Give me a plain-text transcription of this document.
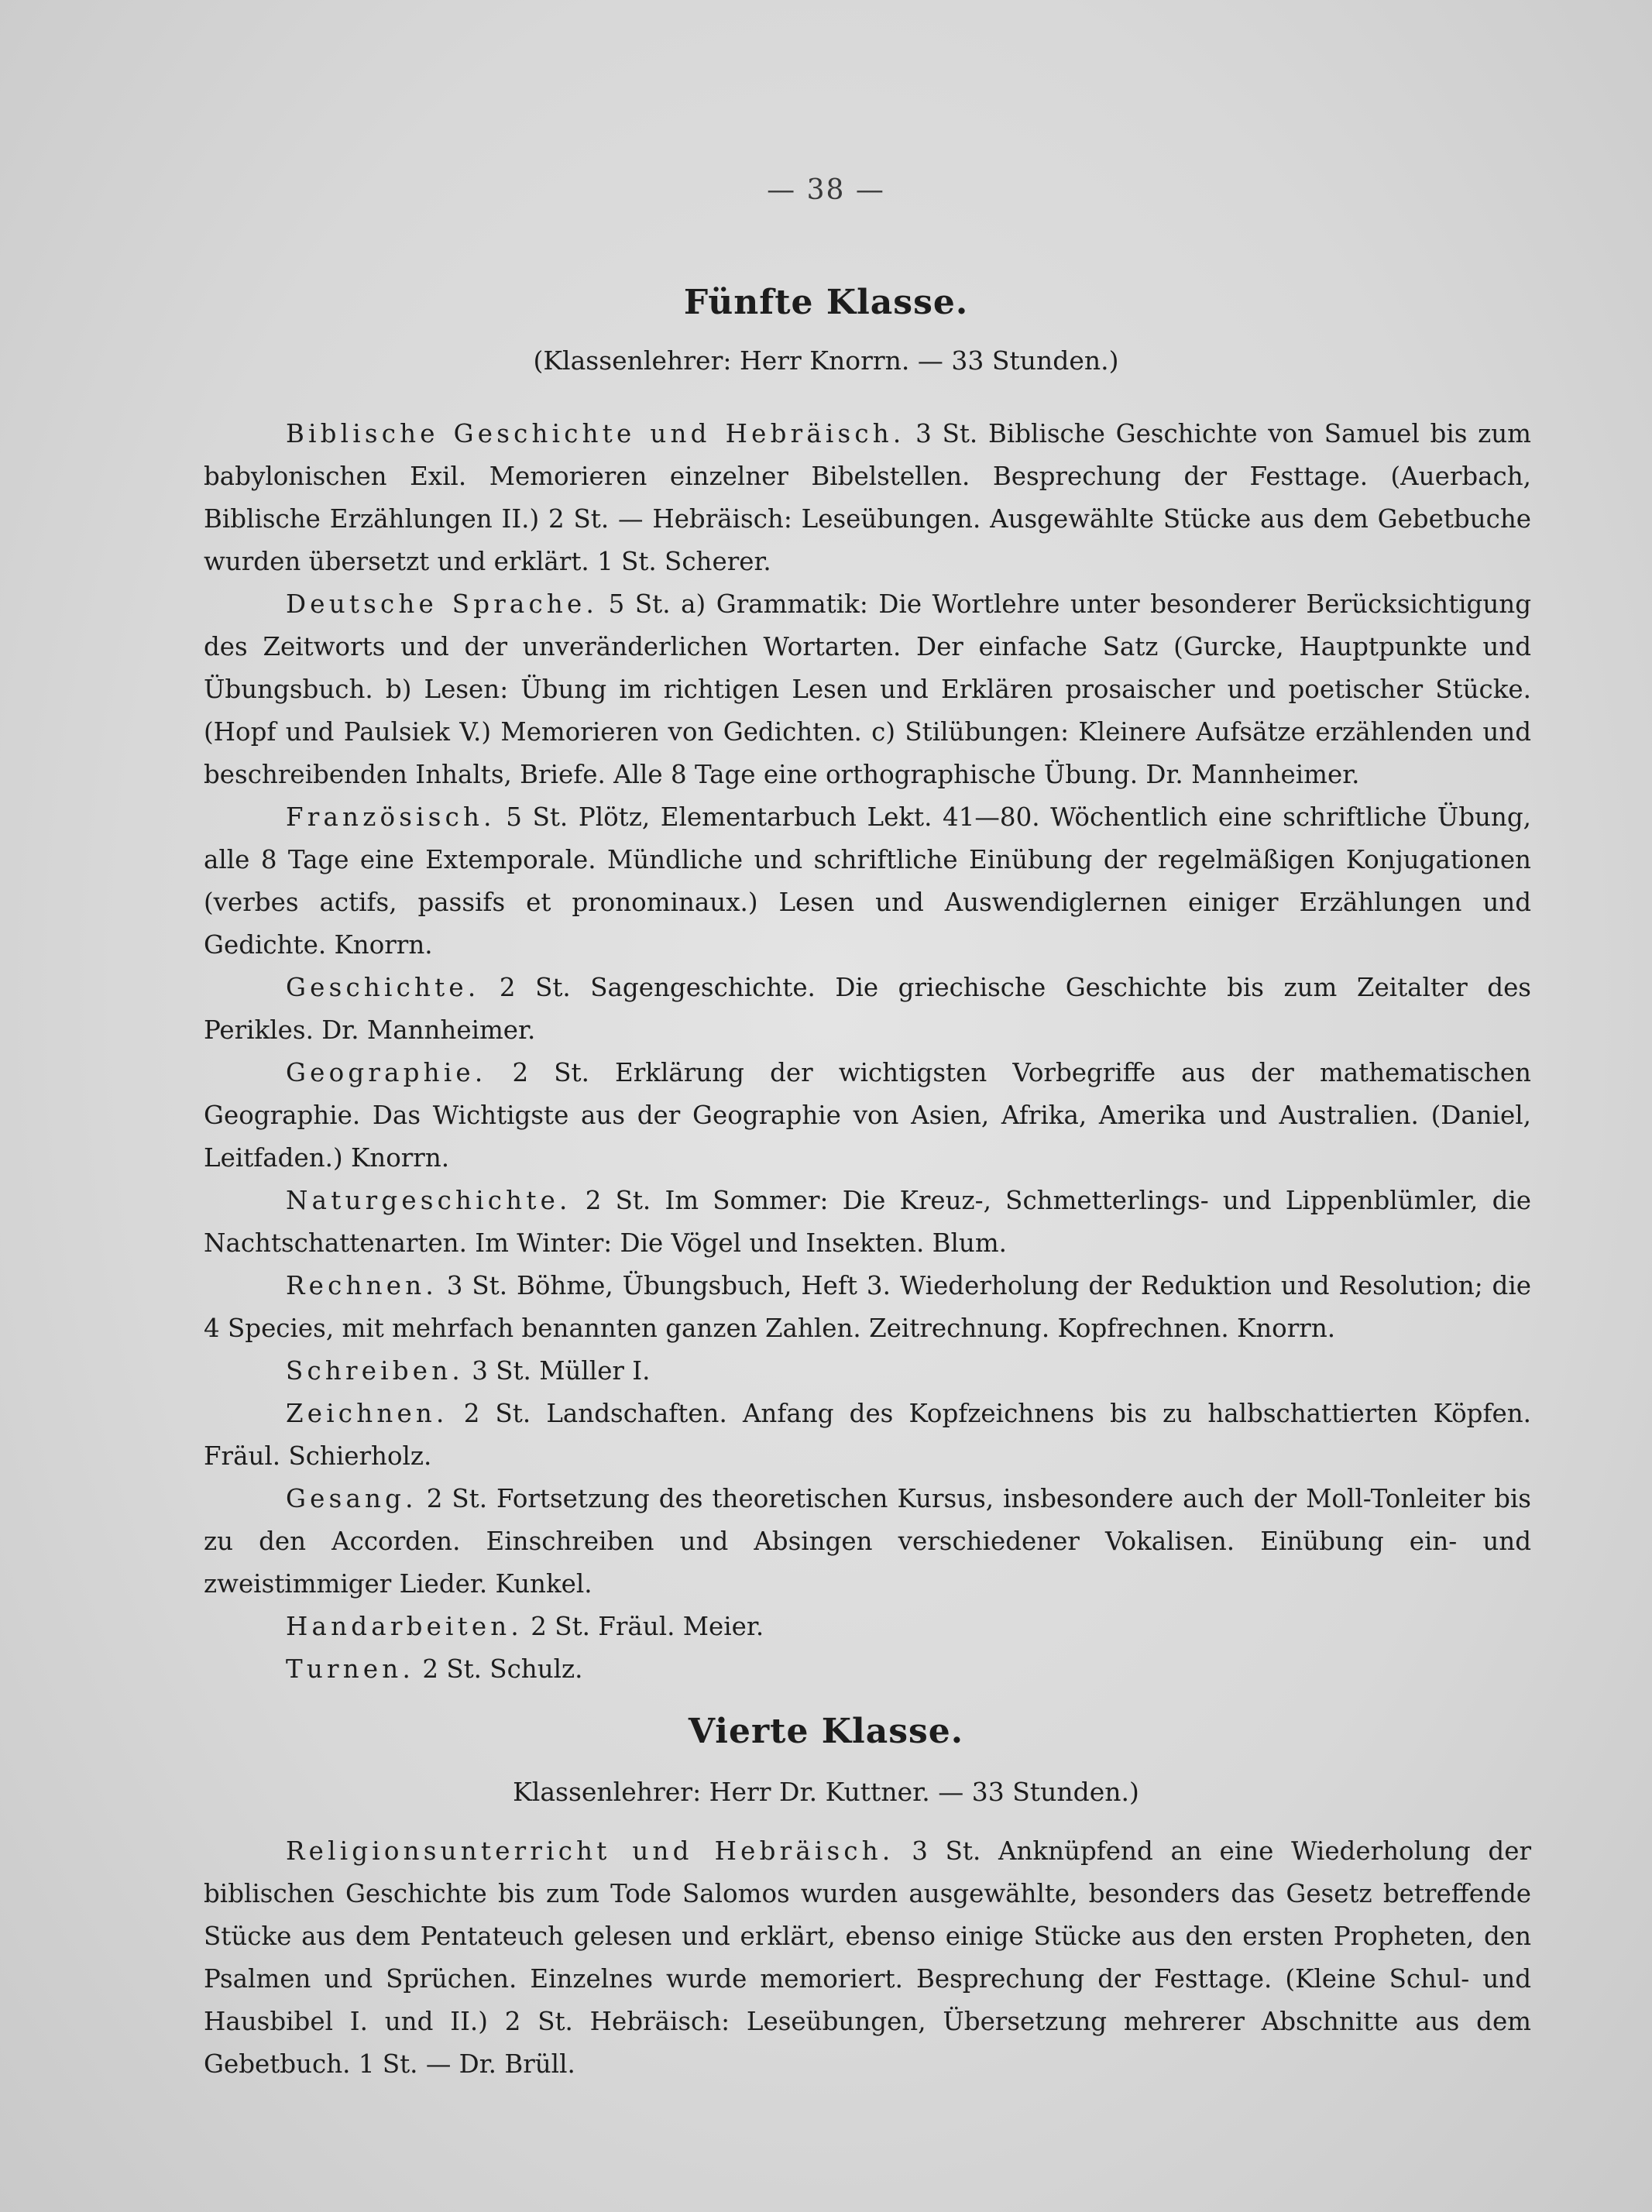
— 38 —
Fünfte Klasse.
(Klassenlehrer: Herr Knorrn. — 33 Stunden.)

Biblische Geschichte und Hebräisch. 3 St. Biblische Geschichte von Samuel bis zum babylonischen Exil. Memorieren einzelner Bibelstellen. Besprechung der Festtage. (Auerbach, Biblische Erzählungen II.) 2 St. — Hebräisch: Leseübungen. Ausgewählte Stücke aus dem Gebetbuche wurden übersetzt und erklärt. 1 St. Scherer.

Deutsche Sprache. 5 St. a) Grammatik: Die Wortlehre unter besonderer Berücksichtigung des Zeitworts und der unveränderlichen Wortarten. Der einfache Satz (Gurcke, Hauptpunkte und Übungsbuch. b) Lesen: Übung im richtigen Lesen und Erklären prosaischer und poetischer Stücke. (Hopf und Paulsiek V.) Memorieren von Gedichten. c) Stilübungen: Kleinere Aufsätze erzählenden und beschreibenden Inhalts, Briefe. Alle 8 Tage eine orthographische Übung. Dr. Mannheimer.

Französisch. 5 St. Plötz, Elementarbuch Lekt. 41—80. Wöchentlich eine schriftliche Übung, alle 8 Tage eine Extemporale. Mündliche und schriftliche Einübung der regelmäßigen Konjugationen (verbes actifs, passifs et pronominaux.) Lesen und Auswendiglernen einiger Erzählungen und Gedichte. Knorrn.

Geschichte. 2 St. Sagengeschichte. Die griechische Geschichte bis zum Zeitalter des Perikles. Dr. Mannheimer.

Geographie. 2 St. Erklärung der wichtigsten Vorbegriffe aus der mathematischen Geographie. Das Wichtigste aus der Geographie von Asien, Afrika, Amerika und Australien. (Daniel, Leitfaden.) Knorrn.

Naturgeschichte. 2 St. Im Sommer: Die Kreuz-, Schmetterlings- und Lippenblümler, die Nachtschattenarten. Im Winter: Die Vögel und Insekten. Blum.

Rechnen. 3 St. Böhme, Übungsbuch, Heft 3. Wiederholung der Reduktion und Resolution; die 4 Species, mit mehrfach benannten ganzen Zahlen. Zeitrechnung. Kopfrechnen. Knorrn.

Schreiben. 3 St. Müller I.

Zeichnen. 2 St. Landschaften. Anfang des Kopfzeichnens bis zu halbschattierten Köpfen. Fräul. Schierholz.

Gesang. 2 St. Fortsetzung des theoretischen Kursus, insbesondere auch der Moll-Tonleiter bis zu den Accorden. Einschreiben und Absingen verschiedener Vokalisen. Einübung ein- und zweistimmiger Lieder. Kunkel.

Handarbeiten. 2 St. Fräul. Meier.

Turnen. 2 St. Schulz.

Vierte Klasse.
Klassenlehrer: Herr Dr. Kuttner. — 33 Stunden.)

Religionsunterricht und Hebräisch. 3 St. Anknüpfend an eine Wiederholung der biblischen Geschichte bis zum Tode Salomos wurden ausgewählte, besonders das Gesetz betreffende Stücke aus dem Pentateuch gelesen und erklärt, ebenso einige Stücke aus den ersten Propheten, den Psalmen und Sprüchen. Einzelnes wurde memoriert. Besprechung der Festtage. (Kleine Schul- und Hausbibel I. und II.) 2 St. Hebräisch: Leseübungen, Übersetzung mehrerer Abschnitte aus dem Gebetbuch. 1 St. — Dr. Brüll.
